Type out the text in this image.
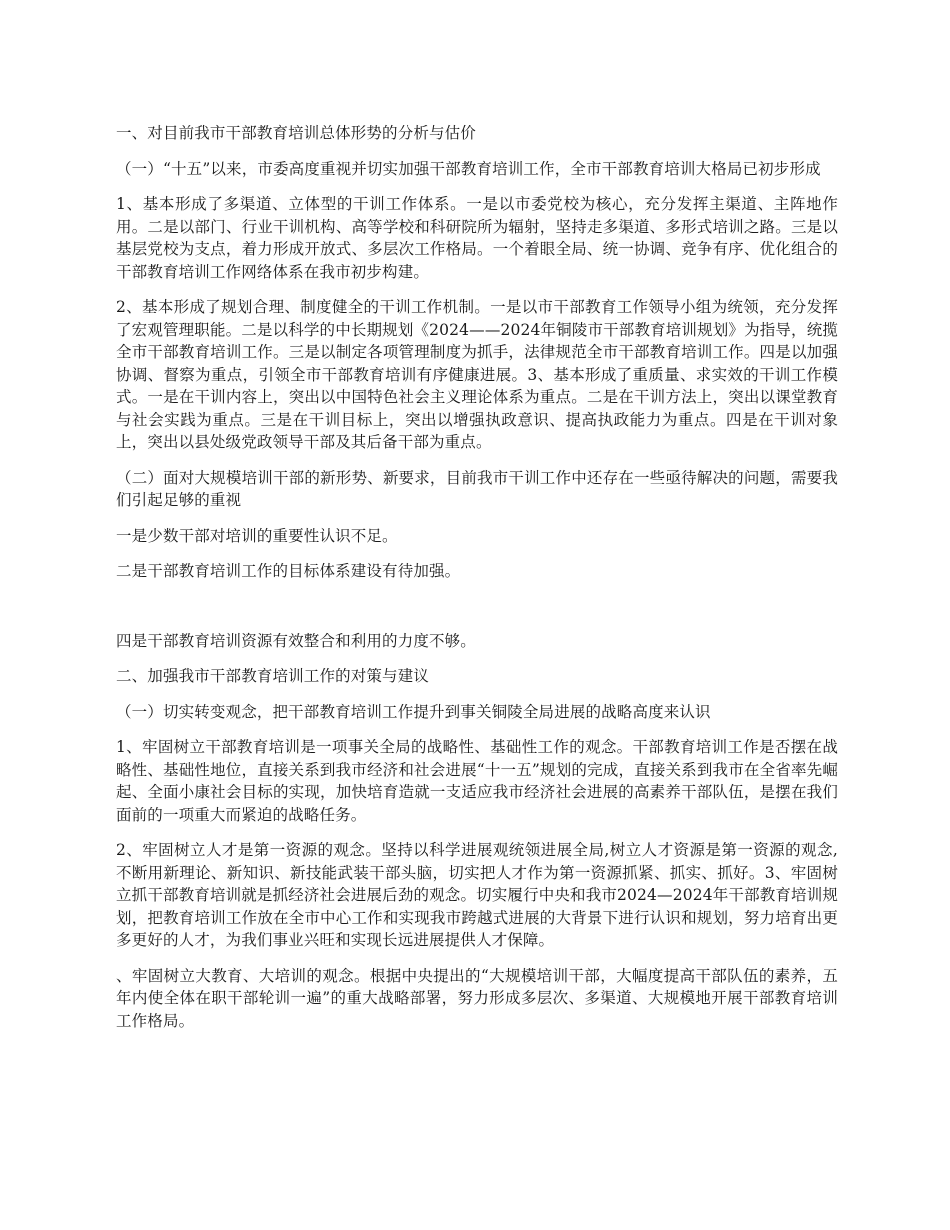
一、对目前我市干部教育培训总体形势的分析与估价

（一）“十五”以来，市委高度重视并切实加强干部教育培训工作，全市干部教育培训大格局已初步形成

1、基本形成了多渠道、立体型的干训工作体系。一是以市委党校为核心，充分发挥主渠道、主阵地作用。二是以部门、行业干训机构、高等学校和科研院所为辐射，坚持走多渠道、多形式培训之路。三是以基层党校为支点，着力形成开放式、多层次工作格局。一个着眼全局、统一协调、竞争有序、优化组合的干部教育培训工作网络体系在我市初步构建。

2、基本形成了规划合理、制度健全的干训工作机制。一是以市干部教育工作领导小组为统领，充分发挥了宏观管理职能。二是以科学的中长期规划《2024——2024年铜陵市干部教育培训规划》为指导，统揽全市干部教育培训工作。三是以制定各项管理制度为抓手，法律规范全市干部教育培训工作。四是以加强协调、督察为重点，引领全市干部教育培训有序健康进展。3、基本形成了重质量、求实效的干训工作模式。一是在干训内容上，突出以中国特色社会主义理论体系为重点。二是在干训方法上，突出以课堂教育与社会实践为重点。三是在干训目标上，突出以增强执政意识、提高执政能力为重点。四是在干训对象上，突出以县处级党政领导干部及其后备干部为重点。

（二）面对大规模培训干部的新形势、新要求，目前我市干训工作中还存在一些亟待解决的问题，需要我们引起足够的重视

一是少数干部对培训的重要性认识不足。

二是干部教育培训工作的目标体系建设有待加强。

四是干部教育培训资源有效整合和利用的力度不够。

二、加强我市干部教育培训工作的对策与建议

（一）切实转变观念，把干部教育培训工作提升到事关铜陵全局进展的战略高度来认识

1、牢固树立干部教育培训是一项事关全局的战略性、基础性工作的观念。干部教育培训工作是否摆在战略性、基础性地位，直接关系到我市经济和社会进展“十一五”规划的完成，直接关系到我市在全省率先崛起、全面小康社会目标的实现，加快培育造就一支适应我市经济社会进展的高素养干部队伍，是摆在我们面前的一项重大而紧迫的战略任务。

2、牢固树立人才是第一资源的观念。坚持以科学进展观统领进展全局,树立人才资源是第一资源的观念,不断用新理论、新知识、新技能武装干部头脑，切实把人才作为第一资源抓紧、抓实、抓好。3、牢固树立抓干部教育培训就是抓经济社会进展后劲的观念。切实履行中央和我市2024—2024年干部教育培训规划，把教育培训工作放在全市中心工作和实现我市跨越式进展的大背景下进行认识和规划，努力培育出更多更好的人才，为我们事业兴旺和实现长远进展提供人才保障。

、牢固树立大教育、大培训的观念。根据中央提出的“大规模培训干部，大幅度提高干部队伍的素养，五年内使全体在职干部轮训一遍”的重大战略部署，努力形成多层次、多渠道、大规模地开展干部教育培训工作格局。
